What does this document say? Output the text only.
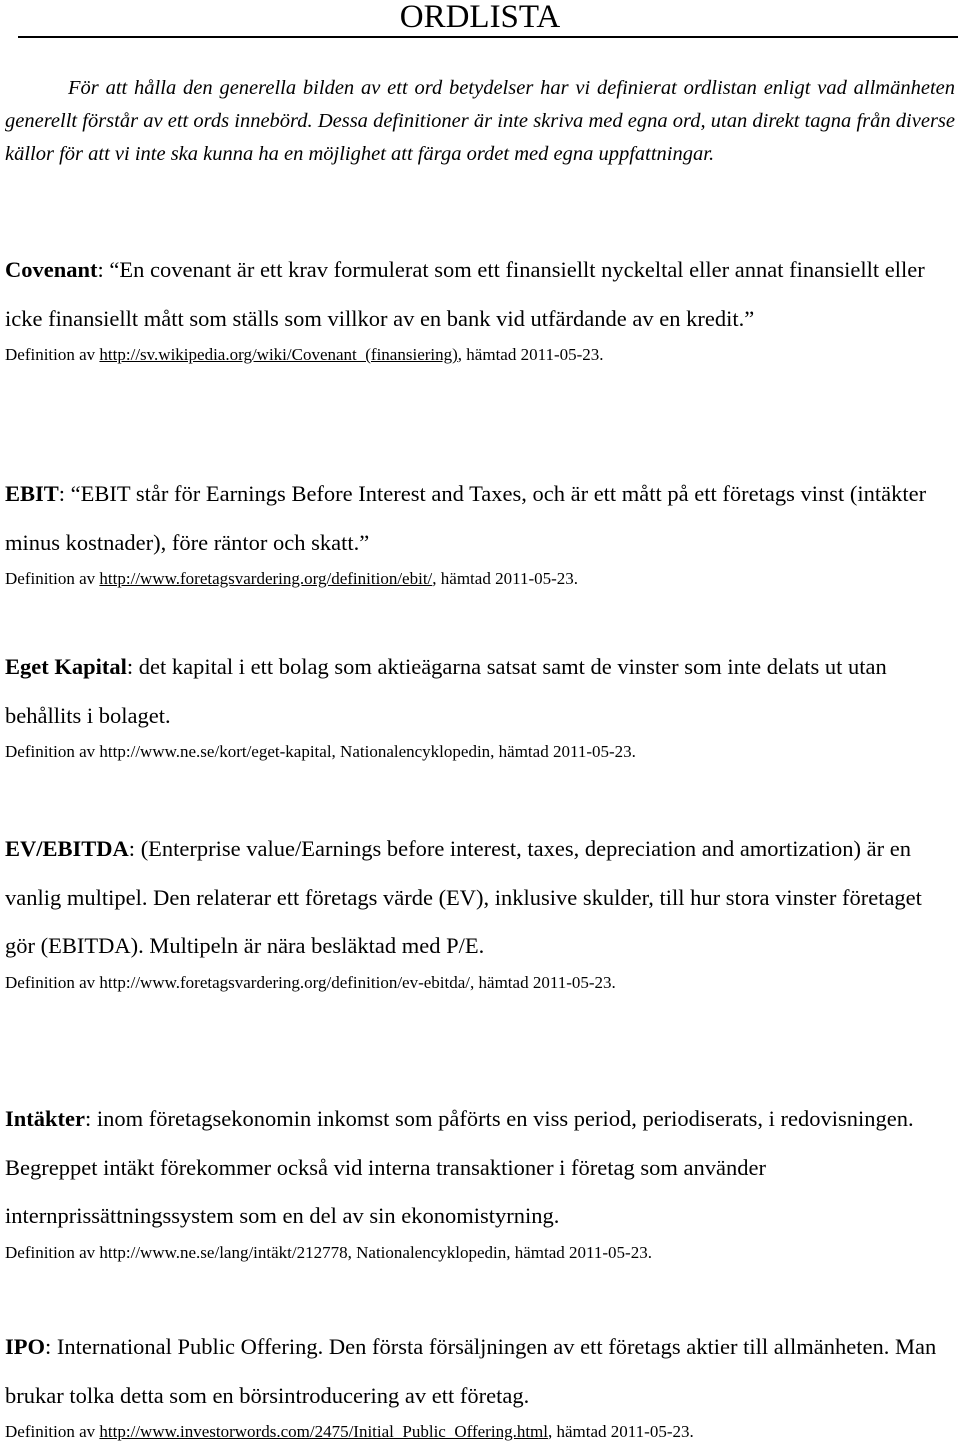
ORDLISTA

För att hålla den generella bilden av ett ord betydelser har vi definierat ordlistan enligt vad allmänheten generellt förstår av ett ords innebörd. Dessa definitioner är inte skriva med egna ord, utan direkt tagna från diverse källor för att vi inte ska kunna ha en möjlighet att färga ordet med egna uppfattningar.

Covenant: “En covenant är ett krav formulerat som ett finansiellt nyckeltal eller annat finansiellt eller icke finansiellt mått som ställs som villkor av en bank vid utfärdande av en kredit.”

Definition av http://sv.wikipedia.org/wiki/Covenant_(finansiering), hämtad 2011-05-23.

EBIT: “EBIT står för Earnings Before Interest and Taxes, och är ett mått på ett företags vinst (intäkter minus kostnader), före räntor och skatt.”

Definition av http://www.foretagsvardering.org/definition/ebit/, hämtad 2011-05-23.

Eget Kapital: det kapital i ett bolag som aktieägarna satsat samt de vinster som inte delats ut utan behållits i bolaget.

Definition av http://www.ne.se/kort/eget-kapital, Nationalencyklopedin, hämtad 2011-05-23.

EV/EBITDA: (Enterprise value/Earnings before interest, taxes, depreciation and amortization) är en vanlig multipel. Den relaterar ett företags värde (EV), inklusive skulder, till hur stora vinster företaget gör (EBITDA). Multipeln är nära besläktad med P/E.

Definition av http://www.foretagsvardering.org/definition/ev-ebitda/, hämtad 2011-05-23.

Intäkter: inom företagsekonomin inkomst som påförts en viss period, periodiserats, i redovisningen. Begreppet intäkt förekommer också vid interna transaktioner i företag som använder internprissättningssystem som en del av sin ekonomistyrning.

Definition av http://www.ne.se/lang/intäkt/212778, Nationalencyklopedin, hämtad 2011-05-23.

IPO: International Public Offering. Den första försäljningen av ett företags aktier till allmänheten. Man brukar tolka detta som en börsintroducering av ett företag.

Definition av http://www.investorwords.com/2475/Initial_Public_Offering.html, hämtad 2011-05-23.
